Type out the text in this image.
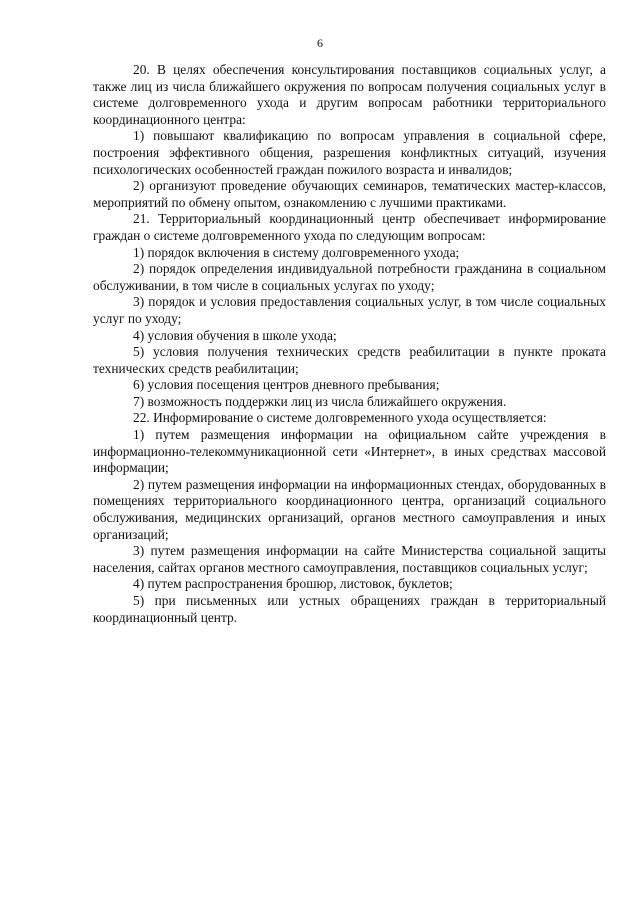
6

20. В целях обеспечения консультирования поставщиков социальных услуг, а также лиц из числа ближайшего окружения по вопросам получения социальных услуг в системе долговременного ухода и другим вопросам работники территориального координационного центра:

1) повышают квалификацию по вопросам управления в социальной сфере, построения эффективного общения, разрешения конфликтных ситуаций, изучения психологических особенностей граждан пожилого возраста и инвалидов;

2) организуют проведение обучающих семинаров, тематических мастер-классов, мероприятий по обмену опытом, ознакомлению с лучшими практиками.

21. Территориальный координационный центр обеспечивает информирование граждан о системе долговременного ухода по следующим вопросам:

1) порядок включения в систему долговременного ухода;

2) порядок определения индивидуальной потребности гражданина в социальном обслуживании, в том числе в социальных услугах по уходу;

3) порядок и условия предоставления социальных услуг, в том числе социальных услуг по уходу;

4) условия обучения в школе ухода;

5) условия получения технических средств реабилитации в пункте проката технических средств реабилитации;

6) условия посещения центров дневного пребывания;

7) возможность поддержки лиц из числа ближайшего окружения.

22. Информирование о системе долговременного ухода осуществляется:

1) путем размещения информации на официальном сайте учреждения в информационно-телекоммуникационной сети «Интернет», в иных средствах массовой информации;

2) путем размещения информации на информационных стендах, оборудованных в помещениях территориального координационного центра, организаций социального обслуживания, медицинских организаций, органов местного самоуправления и иных организаций;

3) путем размещения информации на сайте Министерства социальной защиты населения, сайтах органов местного самоуправления, поставщиков социальных услуг;

4) путем распространения брошюр, листовок, буклетов;

5) при письменных или устных обращениях граждан в территориальный координационный центр.
